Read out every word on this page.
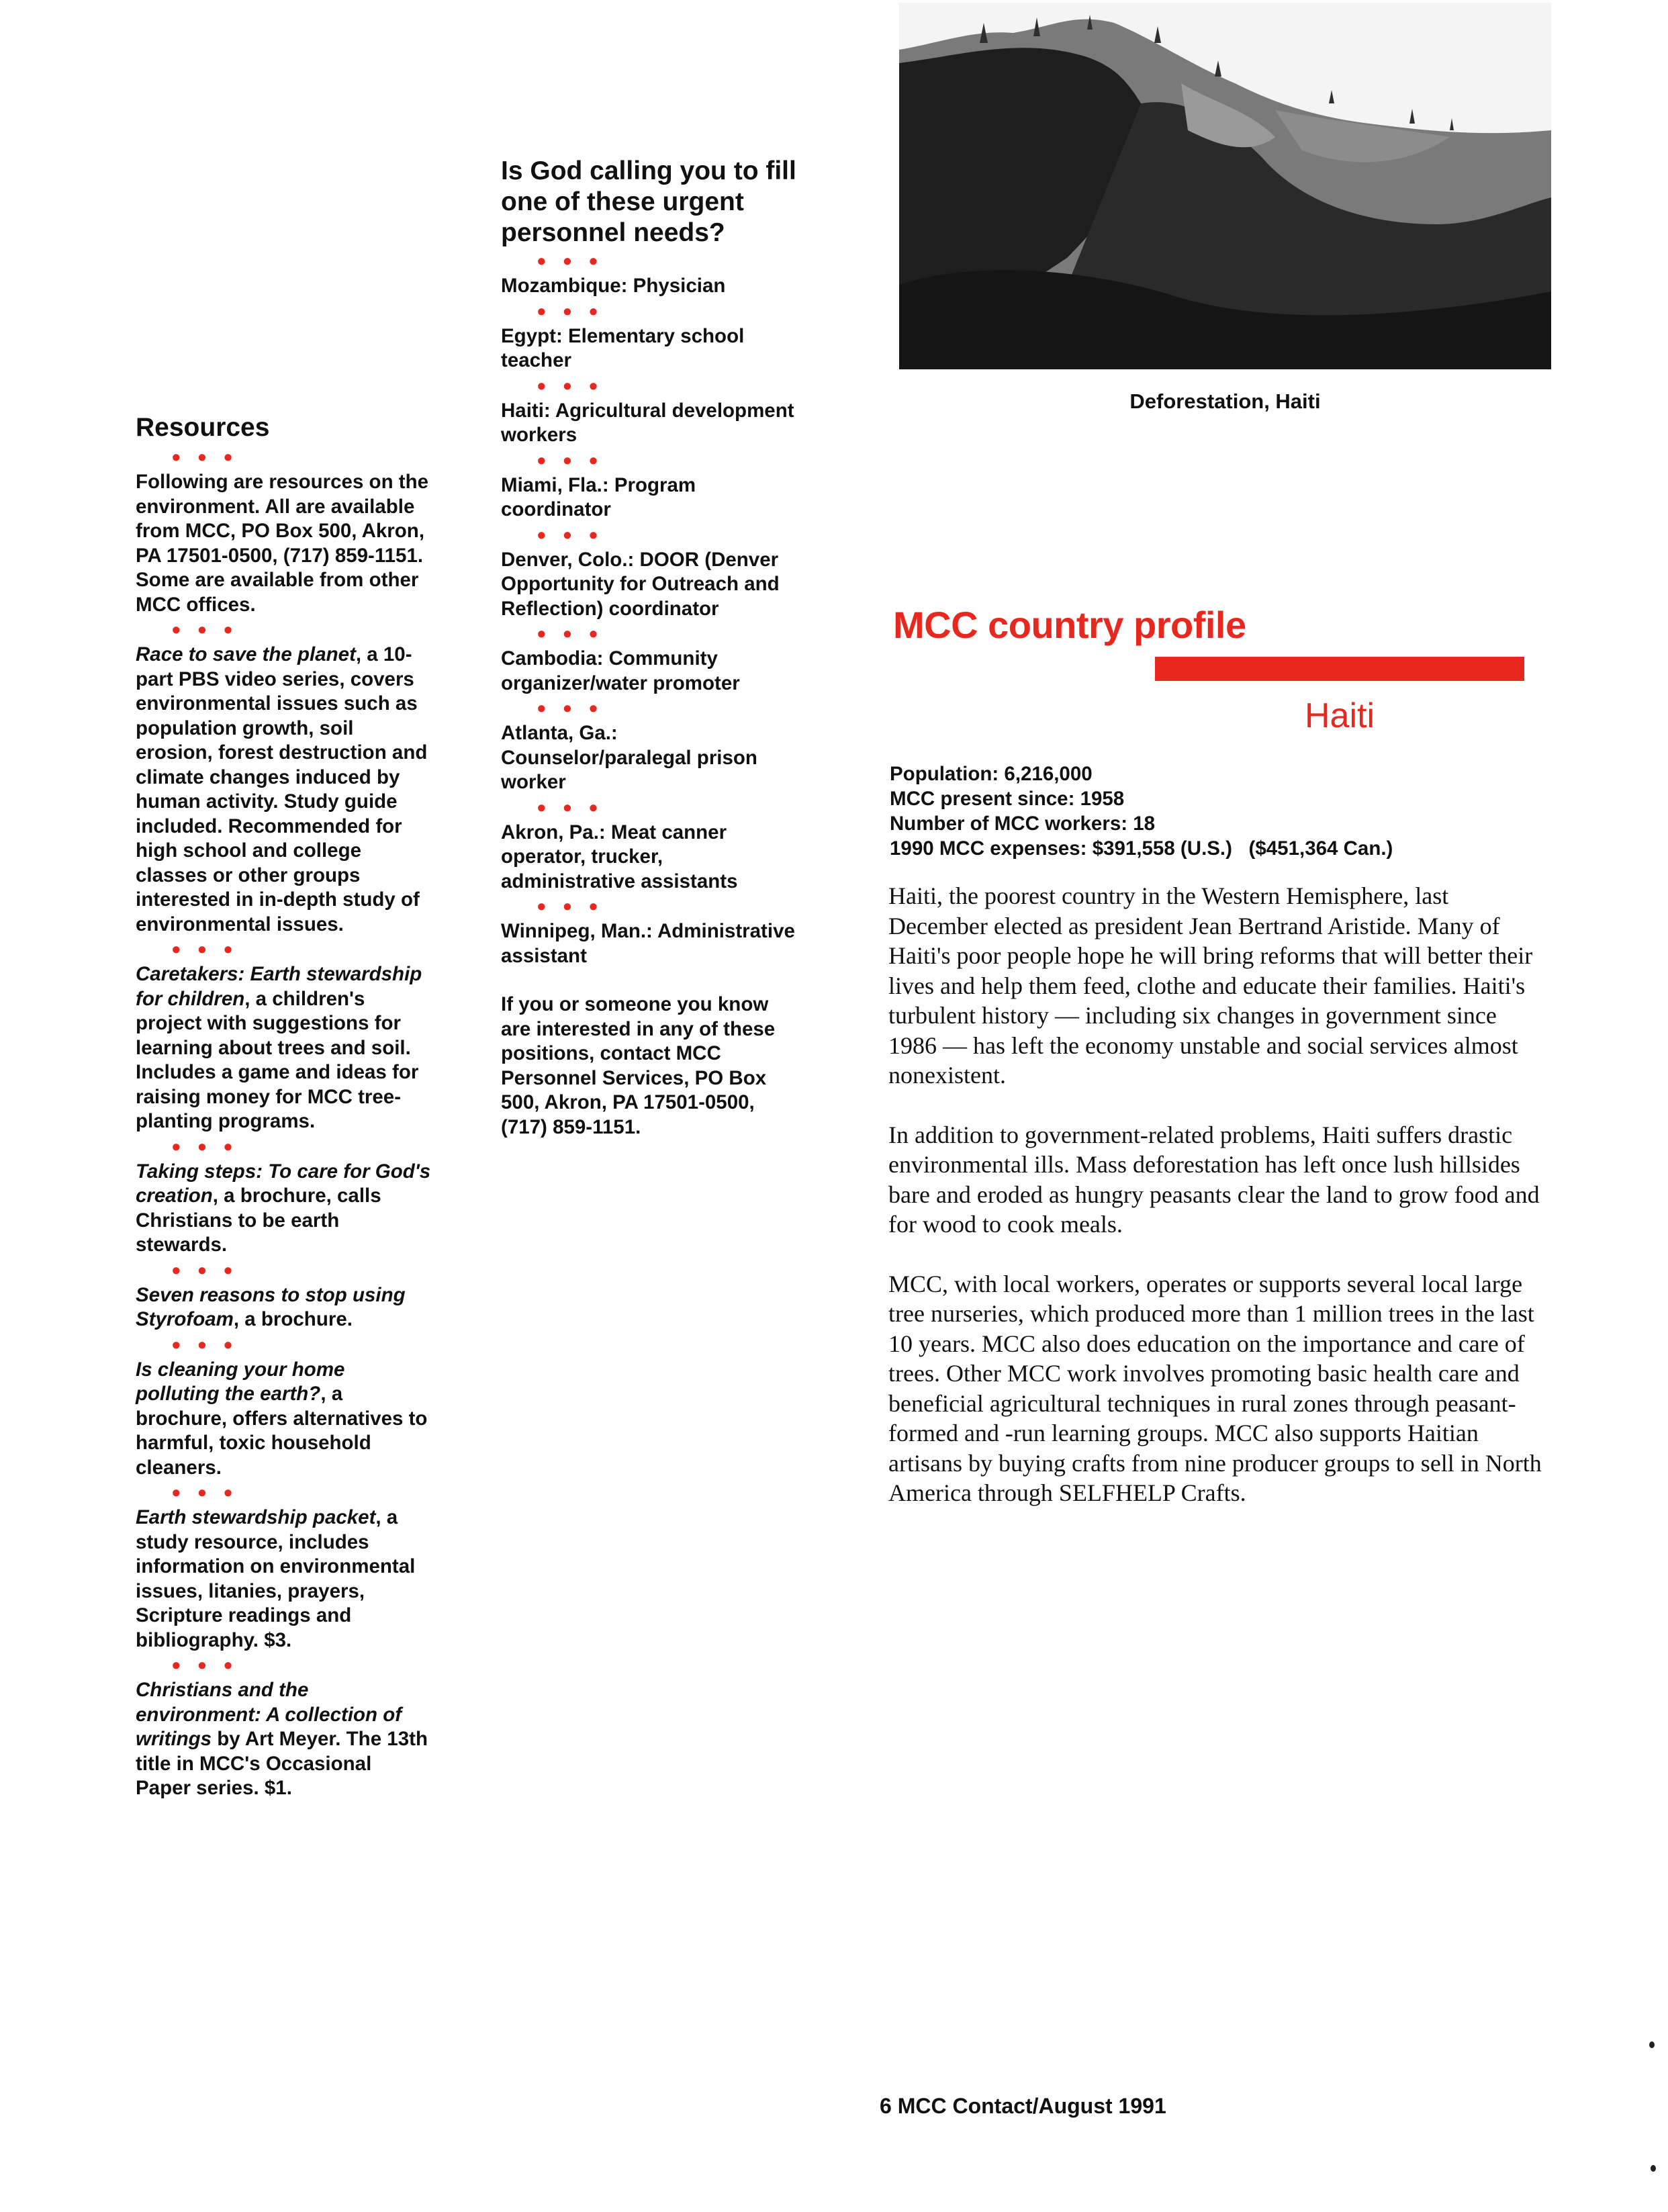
Resources
• • •

Following are resources on the environment. All are available from MCC, PO Box 500, Akron, PA 17501-0500, (717) 859-1151. Some are available from other MCC offices.

• • •

Race to save the planet, a 10-part PBS video series, covers environmental issues such as population growth, soil erosion, forest destruction and climate changes induced by human activity. Study guide included. Recommended for high school and college classes or other groups interested in in-depth study of environmental issues.

• • •

Caretakers: Earth stewardship for children, a children's project with suggestions for learning about trees and soil. Includes a game and ideas for raising money for MCC tree-planting programs.

• • •

Taking steps: To care for God's creation, a brochure, calls Christians to be earth stewards.

• • •

Seven reasons to stop using Styrofoam, a brochure.

• • •

Is cleaning your home polluting the earth?, a brochure, offers alternatives to harmful, toxic household cleaners.

• • •

Earth stewardship packet, a study resource, includes information on environmental issues, litanies, prayers, Scripture readings and bibliography. $3.

• • •

Christians and the environment: A collection of writings by Art Meyer. The 13th title in MCC's Occasional Paper series. $1.

Is God calling you to fill one of these urgent personnel needs?
• • •

Mozambique: Physician

• • •

Egypt: Elementary school teacher

• • •

Haiti: Agricultural development workers

• • •

Miami, Fla.: Program coordinator

• • •

Denver, Colo.: DOOR (Denver Opportunity for Outreach and Reflection) coordinator

• • •

Cambodia: Community organizer/water promoter

• • •

Atlanta, Ga.: Counselor/paralegal prison worker

• • •

Akron, Pa.: Meat canner operator, trucker, administrative assistants

• • •

Winnipeg, Man.: Administrative assistant

If you or someone you know are interested in any of these positions, contact MCC Personnel Services, PO Box 500, Akron, PA 17501-0500, (717) 859-1151.

Deforestation, Haiti
MCC country profile
Haiti

Population: 6,216,000

MCC present since: 1958

Number of MCC workers: 18

1990 MCC expenses: $391,558 (U.S.)   ($451,364 Can.)

Haiti, the poorest country in the Western Hemisphere, last December elected as president Jean Bertrand Aristide. Many of Haiti's poor people hope he will bring reforms that will better their lives and help them feed, clothe and educate their families. Haiti's turbulent history — including six changes in government since 1986 — has left the economy unstable and social services almost nonexistent.

In addition to government-related problems, Haiti suffers drastic environmental ills. Mass deforestation has left once lush hillsides bare and eroded as hungry peasants clear the land to grow food and for wood to cook meals.

MCC, with local workers, operates or supports several local large tree nurseries, which produced more than 1 million trees in the last 10 years. MCC also does education on the importance and care of trees. Other MCC work involves promoting basic health care and beneficial agricultural techniques in rural zones through peasant-formed and -run learning groups. MCC also supports Haitian artisans by buying crafts from nine producer groups to sell in North America through SELFHELP Crafts.

6 MCC Contact/August 1991
